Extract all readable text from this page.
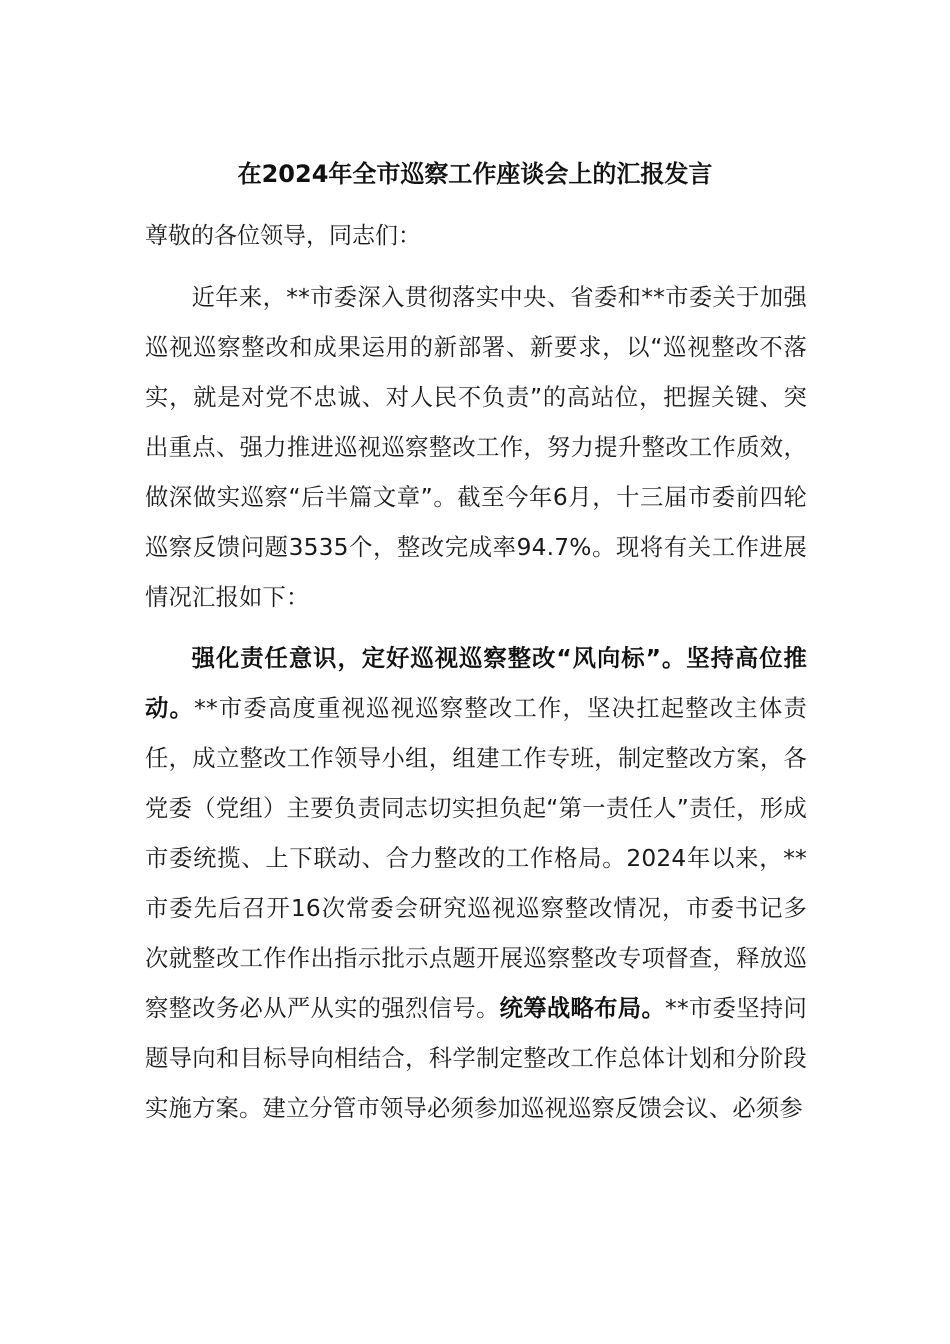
在2024年全市巡察工作座谈会上的汇报发言

尊敬的各位领导，同志们：

近年来，**市委深入贯彻落实中央、省委和**市委关于加强巡视巡察整改和成果运用的新部署、新要求，以“巡视整改不落实，就是对党不忠诚、对人民不负责”的高站位，把握关键、突出重点、强力推进巡视巡察整改工作，努力提升整改工作质效，做深做实巡察“后半篇文章”。截至今年6月，十三届市委前四轮巡察反馈问题3535个，整改完成率94.7%。现将有关工作进展情况汇报如下：

强化责任意识，定好巡视巡察整改“风向标”。坚持高位推动。**市委高度重视巡视巡察整改工作，坚决扛起整改主体责任，成立整改工作领导小组，组建工作专班，制定整改方案，各党委（党组）主要负责同志切实担负起“第一责任人”责任，形成市委统揽、上下联动、合力整改的工作格局。2024年以来，**市委先后召开16次常委会研究巡视巡察整改情况，市委书记多次就整改工作作出指示批示点题开展巡察整改专项督查，释放巡察整改务必从严从实的强烈信号。统筹战略布局。**市委坚持问题导向和目标导向相结合，科学制定整改工作总体计划和分阶段实施方案。建立分管市领导必须参加巡视巡察反馈会议、必须参
